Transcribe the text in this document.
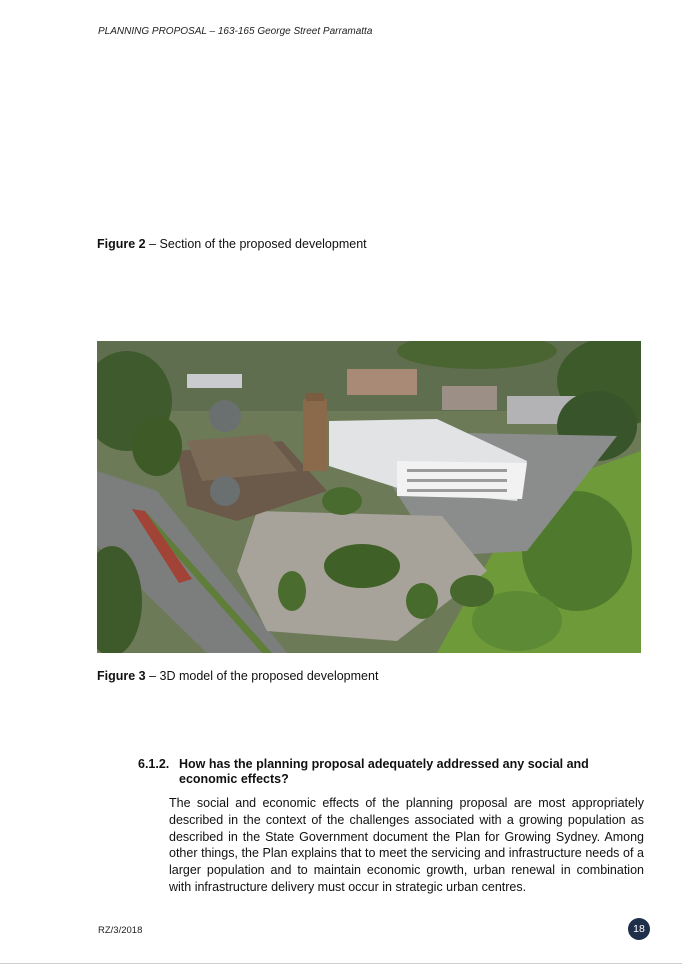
PLANNING PROPOSAL – 163-165 George Street Parramatta
Figure 2 – Section of the proposed development
Figure 3 – 3D model of the proposed development
6.1.2. How has the planning proposal adequately addressed any social and economic effects?
The social and economic effects of the planning proposal are most appropriately described in the context of the challenges associated with a growing population as described in the State Government document the Plan for Growing Sydney. Among other things, the Plan explains that to meet the servicing and infrastructure needs of a larger population and to maintain economic growth, urban renewal in combination with infrastructure delivery must occur in strategic urban centres.
RZ/3/2018	18
